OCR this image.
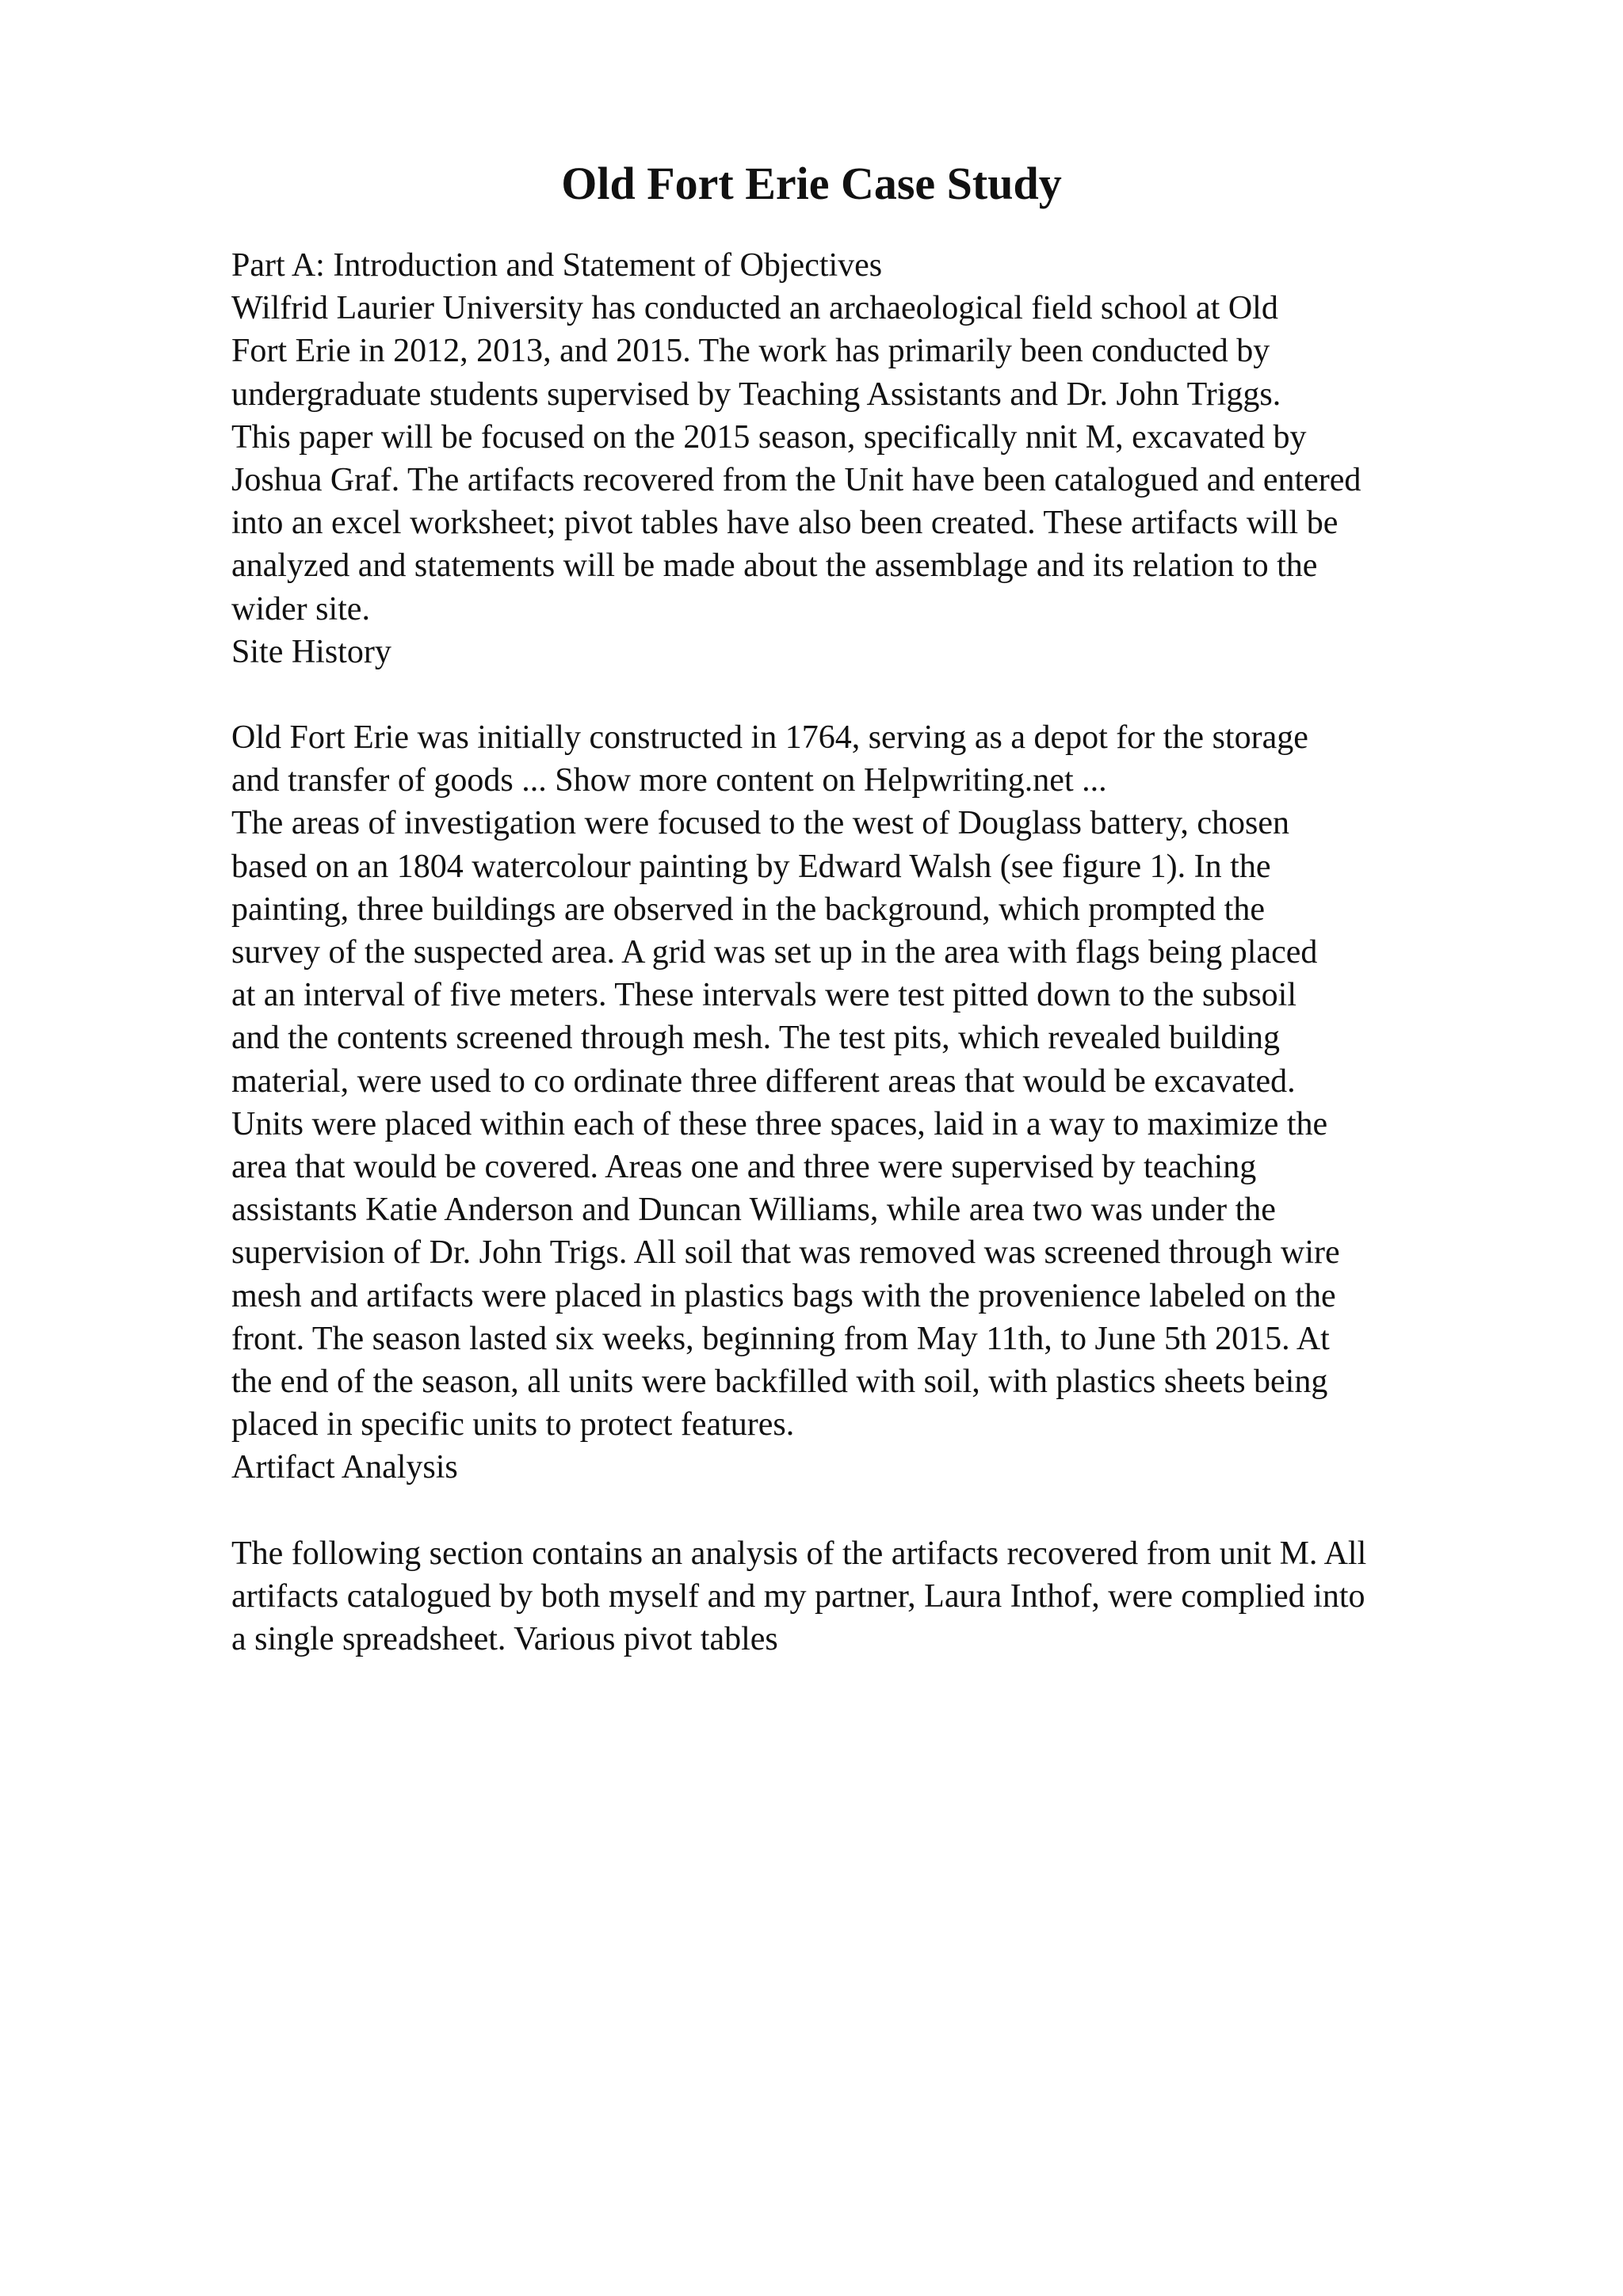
Old Fort Erie Case Study
Part A: Introduction and Statement of Objectives
Wilfrid Laurier University has conducted an archaeological field school at Old
Fort Erie in 2012, 2013, and 2015. The work has primarily been conducted by
undergraduate students supervised by Teaching Assistants and Dr. John Triggs.
This paper will be focused on the 2015 season, specifically nnit M, excavated by
Joshua Graf. The artifacts recovered from the Unit have been catalogued and entered
into an excel worksheet; pivot tables have also been created. These artifacts will be
analyzed and statements will be made about the assemblage and its relation to the
wider site.
Site History
Old Fort Erie was initially constructed in 1764, serving as a depot for the storage
and transfer of goods ... Show more content on Helpwriting.net ...
The areas of investigation were focused to the west of Douglass battery, chosen
based on an 1804 watercolour painting by Edward Walsh (see figure 1). In the
painting, three buildings are observed in the background, which prompted the
survey of the suspected area. A grid was set up in the area with flags being placed
at an interval of five meters. These intervals were test pitted down to the subsoil
and the contents screened through mesh. The test pits, which revealed building
material, were used to co ordinate three different areas that would be excavated.
Units were placed within each of these three spaces, laid in a way to maximize the
area that would be covered. Areas one and three were supervised by teaching
assistants Katie Anderson and Duncan Williams, while area two was under the
supervision of Dr. John Trigs. All soil that was removed was screened through wire
mesh and artifacts were placed in plastics bags with the provenience labeled on the
front. The season lasted six weeks, beginning from May 11th, to June 5th 2015. At
the end of the season, all units were backfilled with soil, with plastics sheets being
placed in specific units to protect features.
Artifact Analysis
The following section contains an analysis of the artifacts recovered from unit M. All
artifacts catalogued by both myself and my partner, Laura Inthof, were complied into
a single spreadsheet. Various pivot tables
